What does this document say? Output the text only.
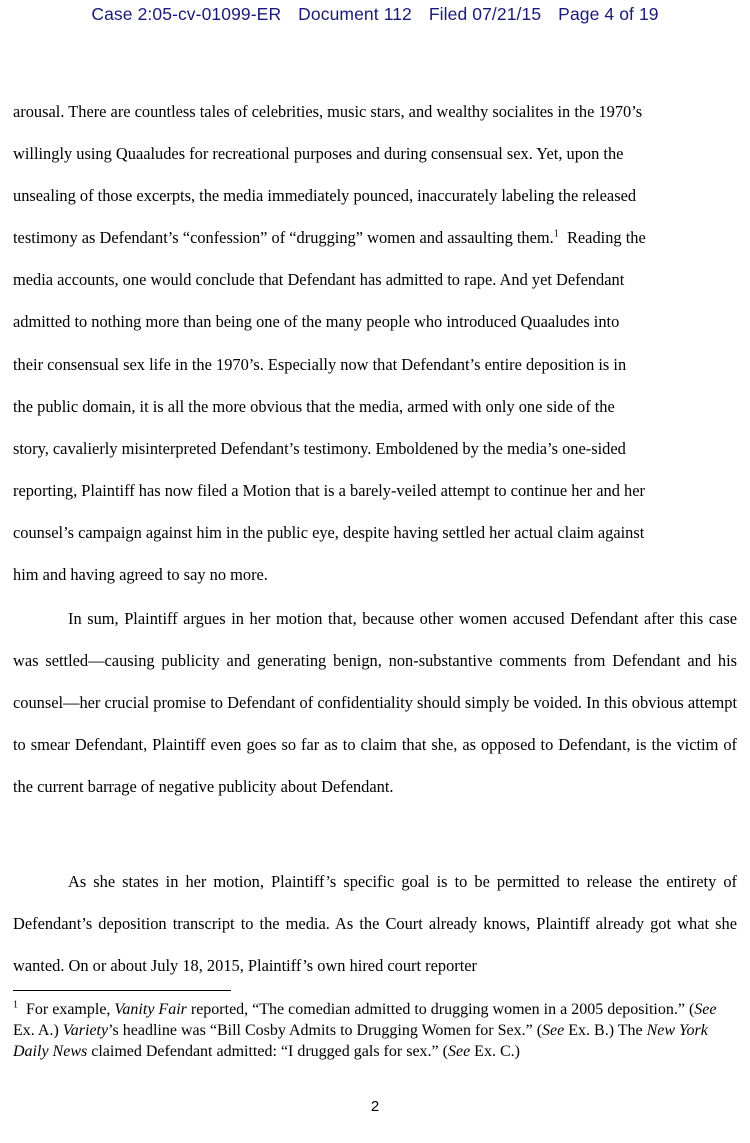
Case 2:05-cv-01099-ER Document 112 Filed 07/21/15 Page 4 of 19
arousal. There are countless tales of celebrities, music stars, and wealthy socialites in the 1970’s
willingly using Quaaludes for recreational purposes and during consensual sex. Yet, upon the
unsealing of those excerpts, the media immediately pounced, inaccurately labeling the released
testimony as Defendant’s “confession” of “drugging” women and assaulting them.$^1$ Reading the
media accounts, one would conclude that Defendant has admitted to rape. And yet Defendant
admitted to nothing more than being one of the many people who introduced Quaaludes into
their consensual sex life in the 1970’s. Especially now that Defendant’s entire deposition is in
the public domain, it is all the more obvious that the media, armed with only one side of the
story, cavalierly misinterpreted Defendant’s testimony. Emboldened by the media’s one-sided
reporting, Plaintiff has now filed a Motion that is a barely-veiled attempt to continue her and her
counsel’s campaign against him in the public eye, despite having settled her actual claim against
him and having agreed to say no more.
In sum, Plaintiff argues in her motion that, because other women accused Defendant after this case was settled—causing publicity and generating benign, non-substantive comments from Defendant and his counsel—her crucial promise to Defendant of confidentiality should simply be voided. In this obvious attempt to smear Defendant, Plaintiff even goes so far as to claim that she, as opposed to Defendant, is the victim of the current barrage of negative publicity about Defendant.
As she states in her motion, Plaintiff’s specific goal is to be permitted to release the entirety of Defendant’s deposition transcript to the media. As the Court already knows, Plaintiff already got what she wanted. On or about July 18, 2015, Plaintiff’s own hired court reporter
$^1$ For example, Vanity Fair reported, “The comedian admitted to drugging women in a 2005 deposition.” (See Ex. A.) Variety’s headline was “Bill Cosby Admits to Drugging Women for Sex.” (See Ex. B.) The New York Daily News claimed Defendant admitted: “I drugged gals for sex.” (See Ex. C.)
2
